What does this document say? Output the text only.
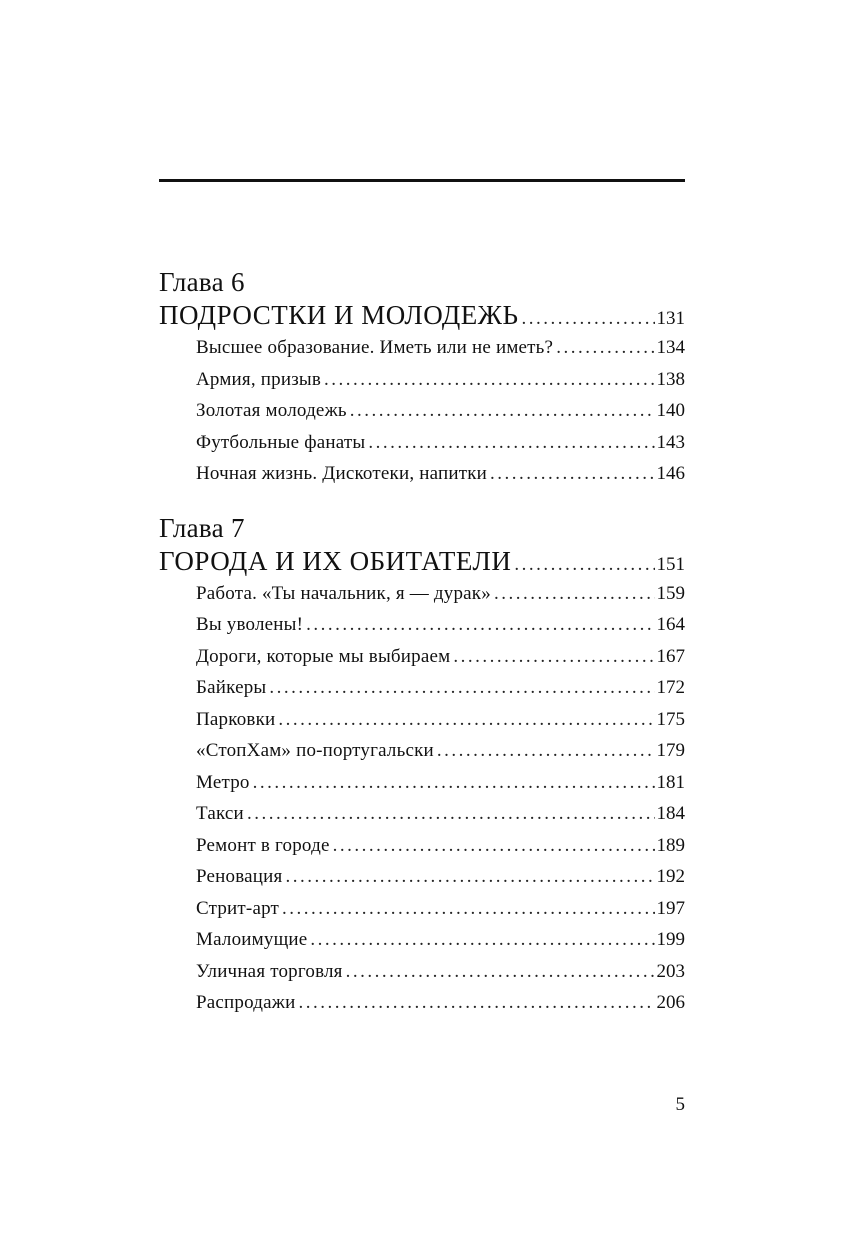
Глава 6
ПОДРОСТКИ И МОЛОДЕЖЬ .....	131
Высшее образование. Иметь или не иметь? .....	134
Армия, призыв .....	138
Золотая молодежь .....	140
Футбольные фанаты .....	143
Ночная жизнь. Дискотеки, напитки .....	146
Глава 7
ГОРОДА И ИХ ОБИТАТЕЛИ .....	151
Работа. «Ты начальник, я — дурак» .....	159
Вы уволены! .....	164
Дороги, которые мы выбираем .....	167
Байкеры .....	172
Парковки .....	175
«СтопХам» по-португальски .....	179
Метро .....	181
Такси .....	184
Ремонт в городе .....	189
Реновация .....	192
Стрит-арт .....	197
Малоимущие .....	199
Уличная торговля .....	203
Распродажи .....	206
5
